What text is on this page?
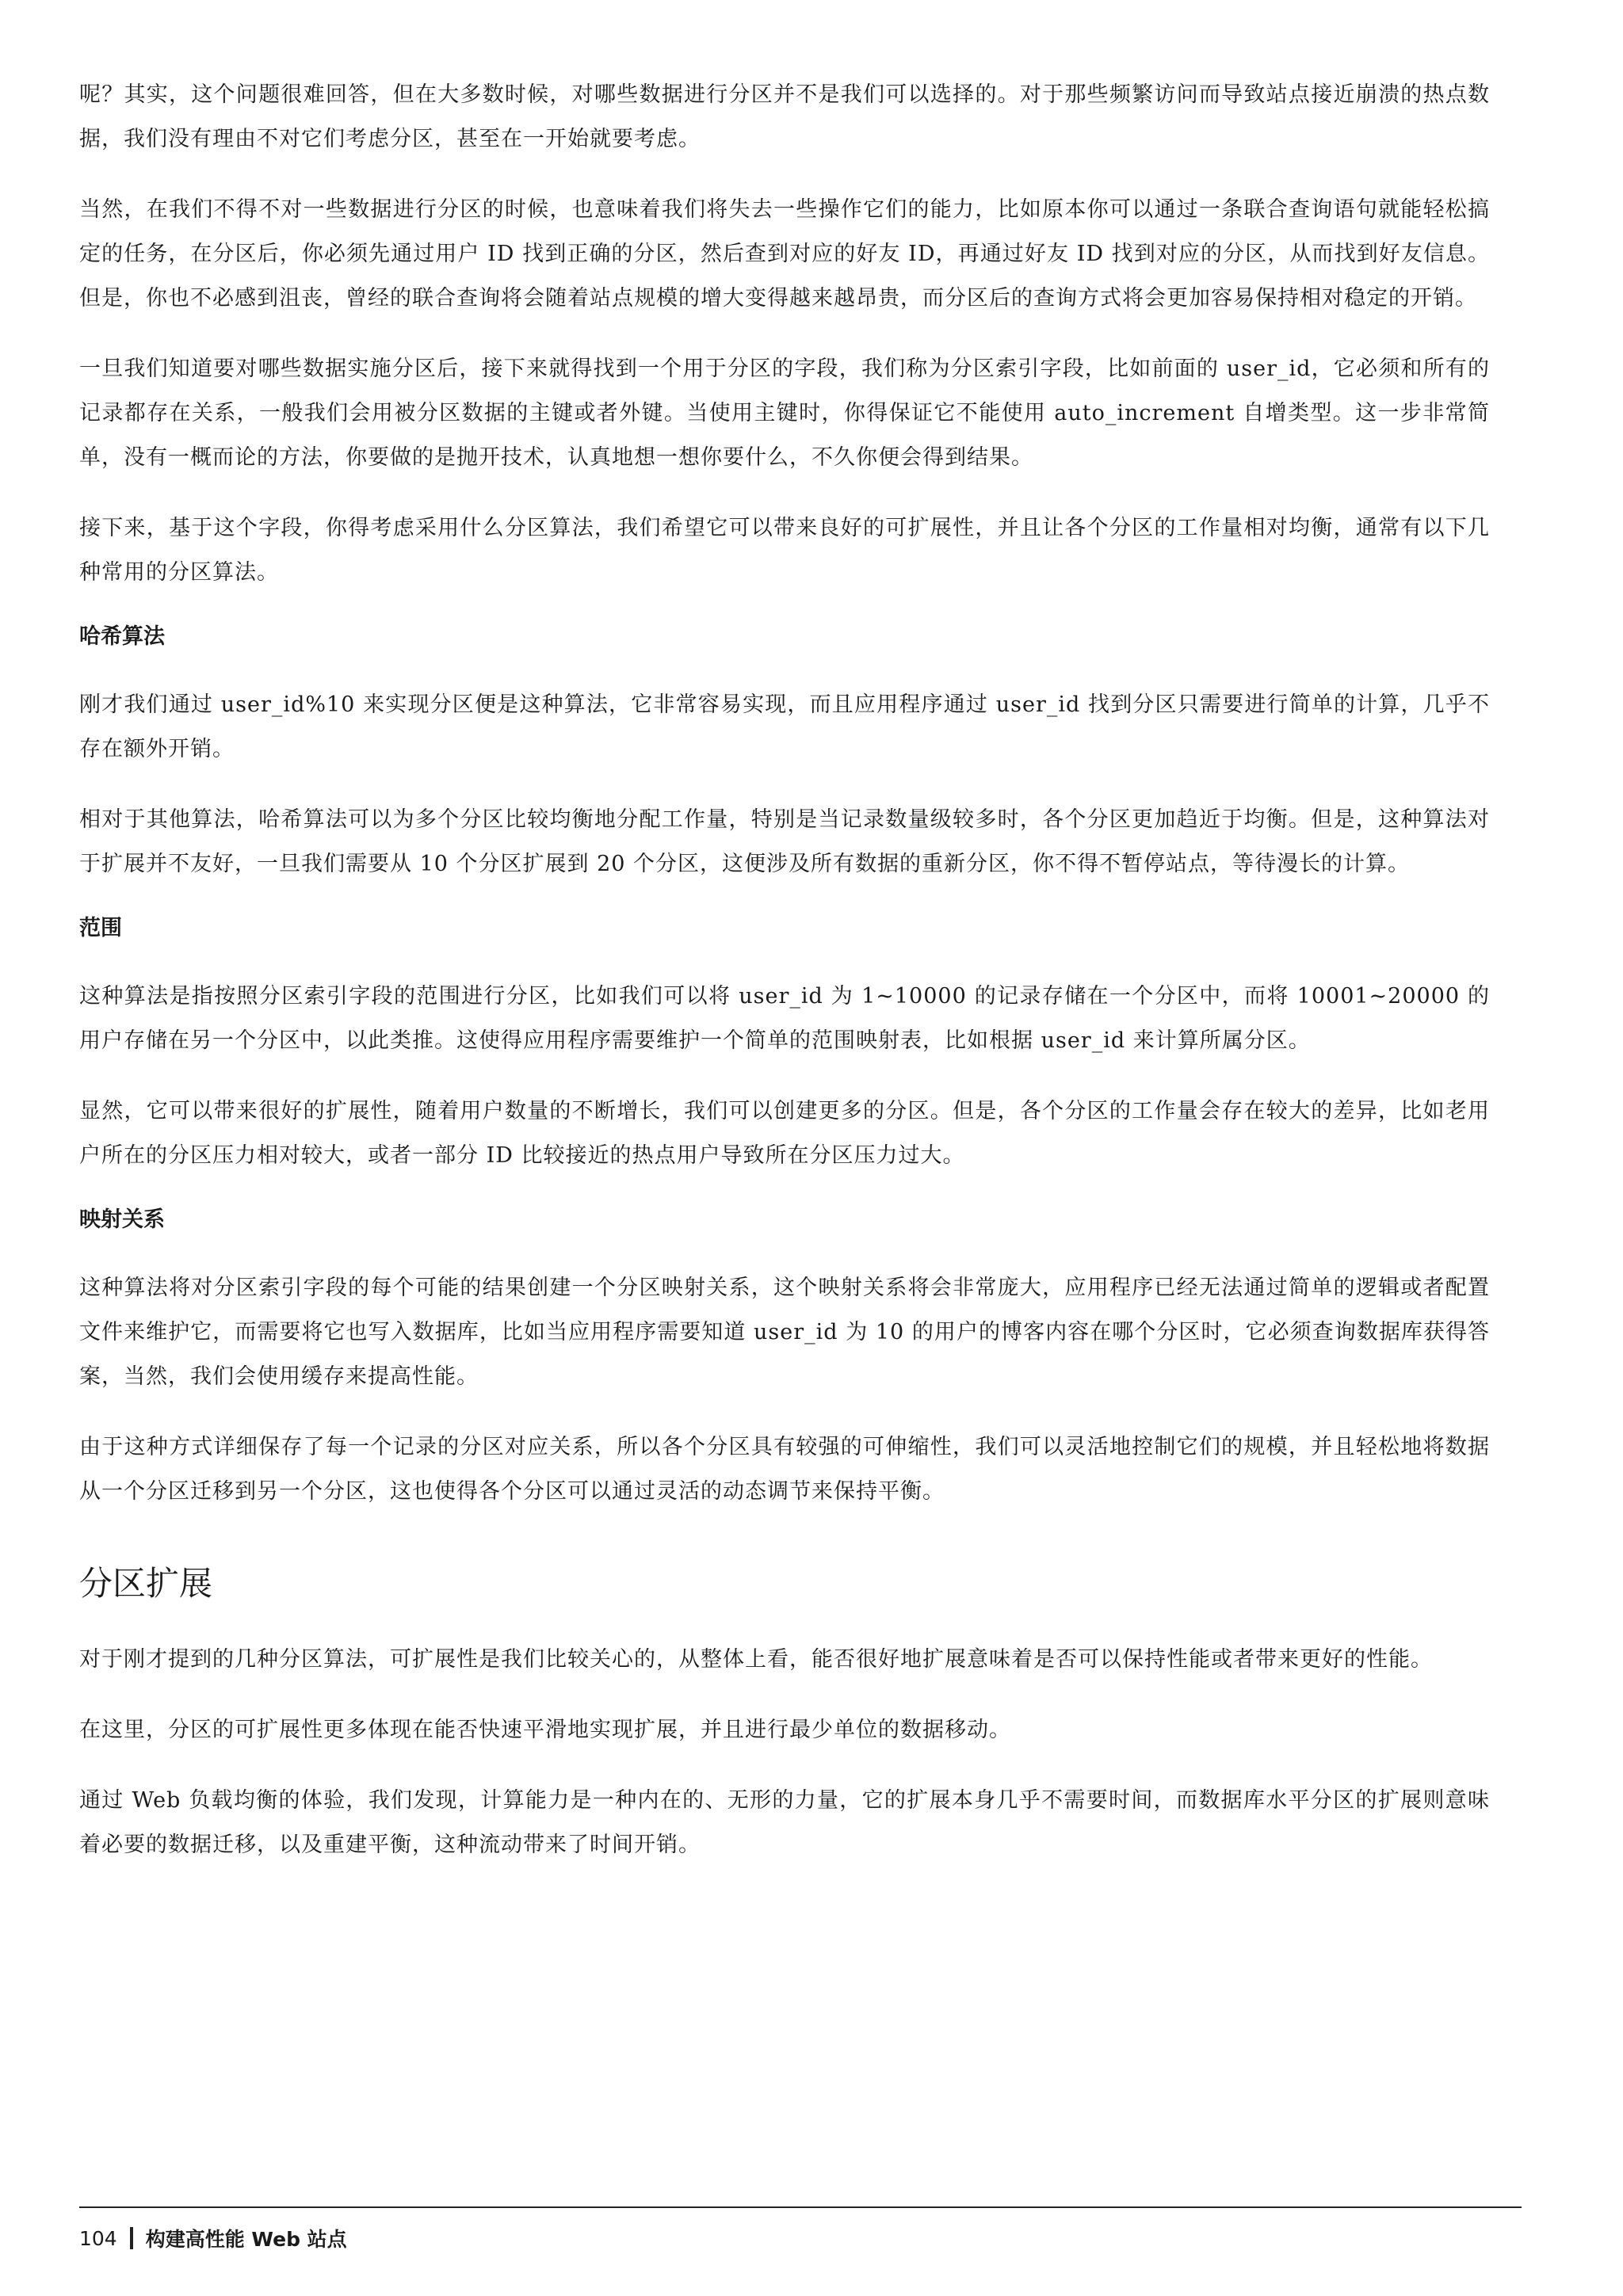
呢？其实，这个问题很难回答，但在大多数时候，对哪些数据进行分区并不是我们可以选择的。对于那些频繁访问而导致站点接近崩溃的热点数据，我们没有理由不对它们考虑分区，甚至在一开始就要考虑。

当然，在我们不得不对一些数据进行分区的时候，也意味着我们将失去一些操作它们的能力，比如原本你可以通过一条联合查询语句就能轻松搞定的任务，在分区后，你必须先通过用户 ID 找到正确的分区，然后查到对应的好友 ID，再通过好友 ID 找到对应的分区，从而找到好友信息。但是，你也不必感到沮丧，曾经的联合查询将会随着站点规模的增大变得越来越昂贵，而分区后的查询方式将会更加容易保持相对稳定的开销。

一旦我们知道要对哪些数据实施分区后，接下来就得找到一个用于分区的字段，我们称为分区索引字段，比如前面的 user_id，它必须和所有的记录都存在关系，一般我们会用被分区数据的主键或者外键。当使用主键时，你得保证它不能使用 auto_increment 自增类型。这一步非常简单，没有一概而论的方法，你要做的是抛开技术，认真地想一想你要什么，不久你便会得到结果。

接下来，基于这个字段，你得考虑采用什么分区算法，我们希望它可以带来良好的可扩展性，并且让各个分区的工作量相对均衡，通常有以下几种常用的分区算法。

哈希算法

刚才我们通过 user_id%10 来实现分区便是这种算法，它非常容易实现，而且应用程序通过 user_id 找到分区只需要进行简单的计算，几乎不存在额外开销。

相对于其他算法，哈希算法可以为多个分区比较均衡地分配工作量，特别是当记录数量级较多时，各个分区更加趋近于均衡。但是，这种算法对于扩展并不友好，一旦我们需要从 10 个分区扩展到 20 个分区，这便涉及所有数据的重新分区，你不得不暂停站点，等待漫长的计算。

范围

这种算法是指按照分区索引字段的范围进行分区，比如我们可以将 user_id 为 1~10000 的记录存储在一个分区中，而将 10001~20000 的用户存储在另一个分区中，以此类推。这使得应用程序需要维护一个简单的范围映射表，比如根据 user_id 来计算所属分区。

显然，它可以带来很好的扩展性，随着用户数量的不断增长，我们可以创建更多的分区。但是，各个分区的工作量会存在较大的差异，比如老用户所在的分区压力相对较大，或者一部分 ID 比较接近的热点用户导致所在分区压力过大。

映射关系

这种算法将对分区索引字段的每个可能的结果创建一个分区映射关系，这个映射关系将会非常庞大，应用程序已经无法通过简单的逻辑或者配置文件来维护它，而需要将它也写入数据库，比如当应用程序需要知道 user_id 为 10 的用户的博客内容在哪个分区时，它必须查询数据库获得答案，当然，我们会使用缓存来提高性能。

由于这种方式详细保存了每一个记录的分区对应关系，所以各个分区具有较强的可伸缩性，我们可以灵活地控制它们的规模，并且轻松地将数据从一个分区迁移到另一个分区，这也使得各个分区可以通过灵活的动态调节来保持平衡。

分区扩展

对于刚才提到的几种分区算法，可扩展性是我们比较关心的，从整体上看，能否很好地扩展意味着是否可以保持性能或者带来更好的性能。

在这里，分区的可扩展性更多体现在能否快速平滑地实现扩展，并且进行最少单位的数据移动。

通过 Web 负载均衡的体验，我们发现，计算能力是一种内在的、无形的力量，它的扩展本身几乎不需要时间，而数据库水平分区的扩展则意味着必要的数据迁移，以及重建平衡，这种流动带来了时间开销。

104 构建高性能 Web 站点
